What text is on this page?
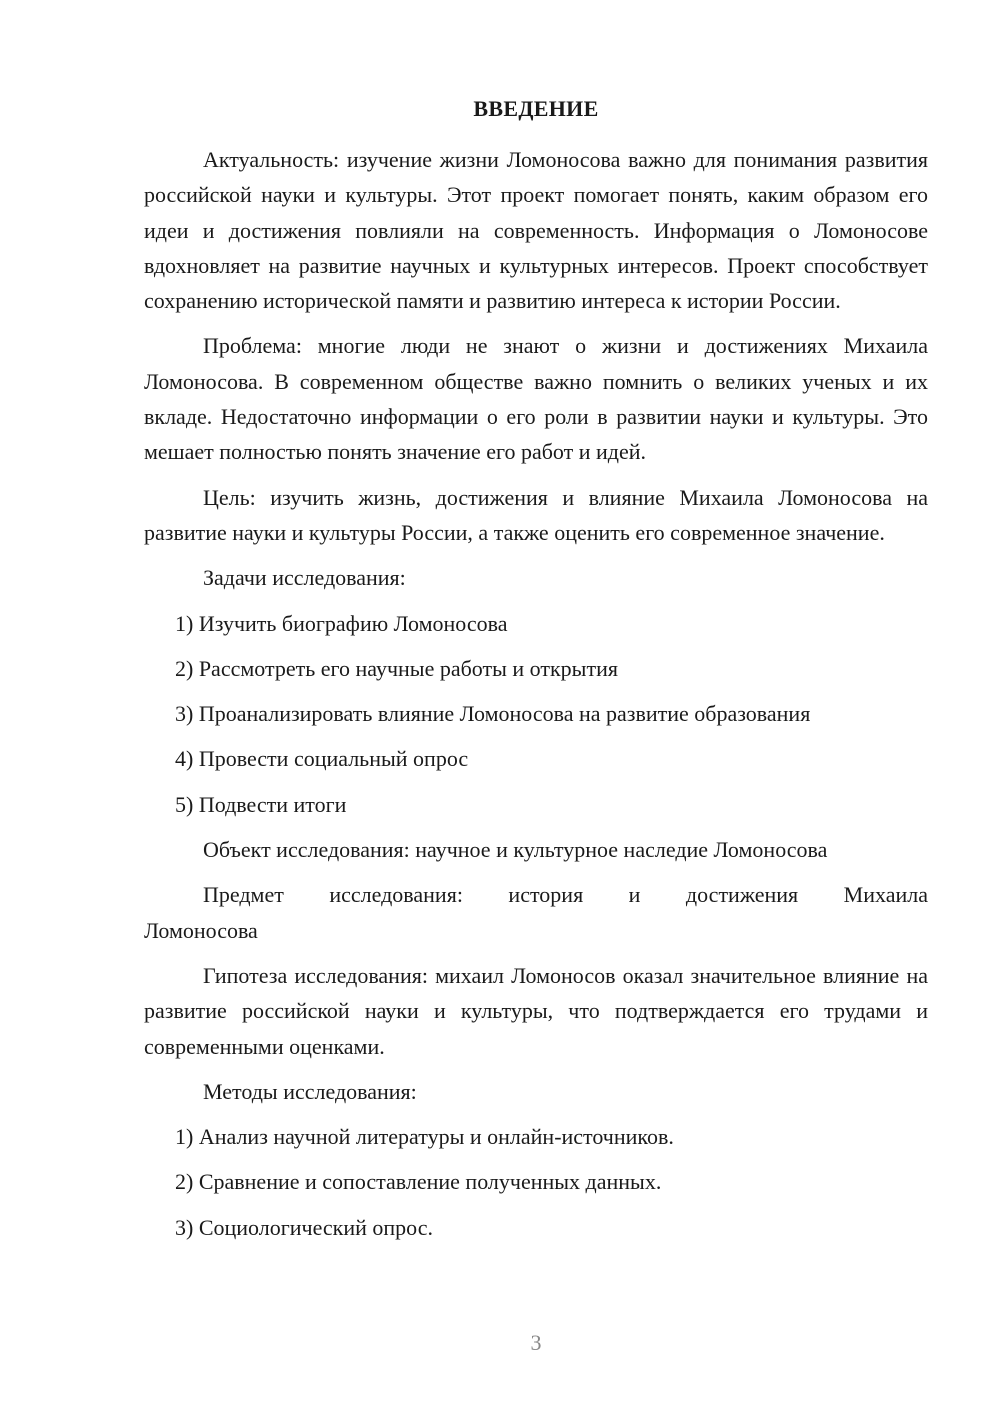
ВВЕДЕНИЕ

Актуальность: изучение жизни Ломоносова важно для понимания развития российской науки и культуры. Этот проект помогает понять, каким образом его идеи и достижения повлияли на современность. Информация о Ломоносове вдохновляет на развитие научных и культурных интересов. Проект способствует сохранению исторической памяти и развитию интереса к истории России.

Проблема: многие люди не знают о жизни и достижениях Михаила Ломоносова. В современном обществе важно помнить о великих ученых и их вкладе. Недостаточно информации о его роли в развитии науки и культуры. Это мешает полностью понять значение его работ и идей.

Цель: изучить жизнь, достижения и влияние Михаила Ломоносова на развитие науки и культуры России, а также оценить его современное значение.

Задачи исследования:
1) Изучить биографию Ломоносова
2) Рассмотреть его научные работы и открытия
3) Проанализировать влияние Ломоносова на развитие образования
4) Провести социальный опрос
5) Подвести итоги
Объект исследования: научное и культурное наследие Ломоносова
Предмет исследования: история и достижения Михаила
Ломоносова

Гипотеза исследования: михаил Ломоносов оказал значительное влияние на развитие российской науки и культуры, что подтверждается его трудами и современными оценками.

Методы исследования:
1) Анализ научной литературы и онлайн-источников.
2) Сравнение и сопоставление полученных данных.
3) Социологический опрос.
3
